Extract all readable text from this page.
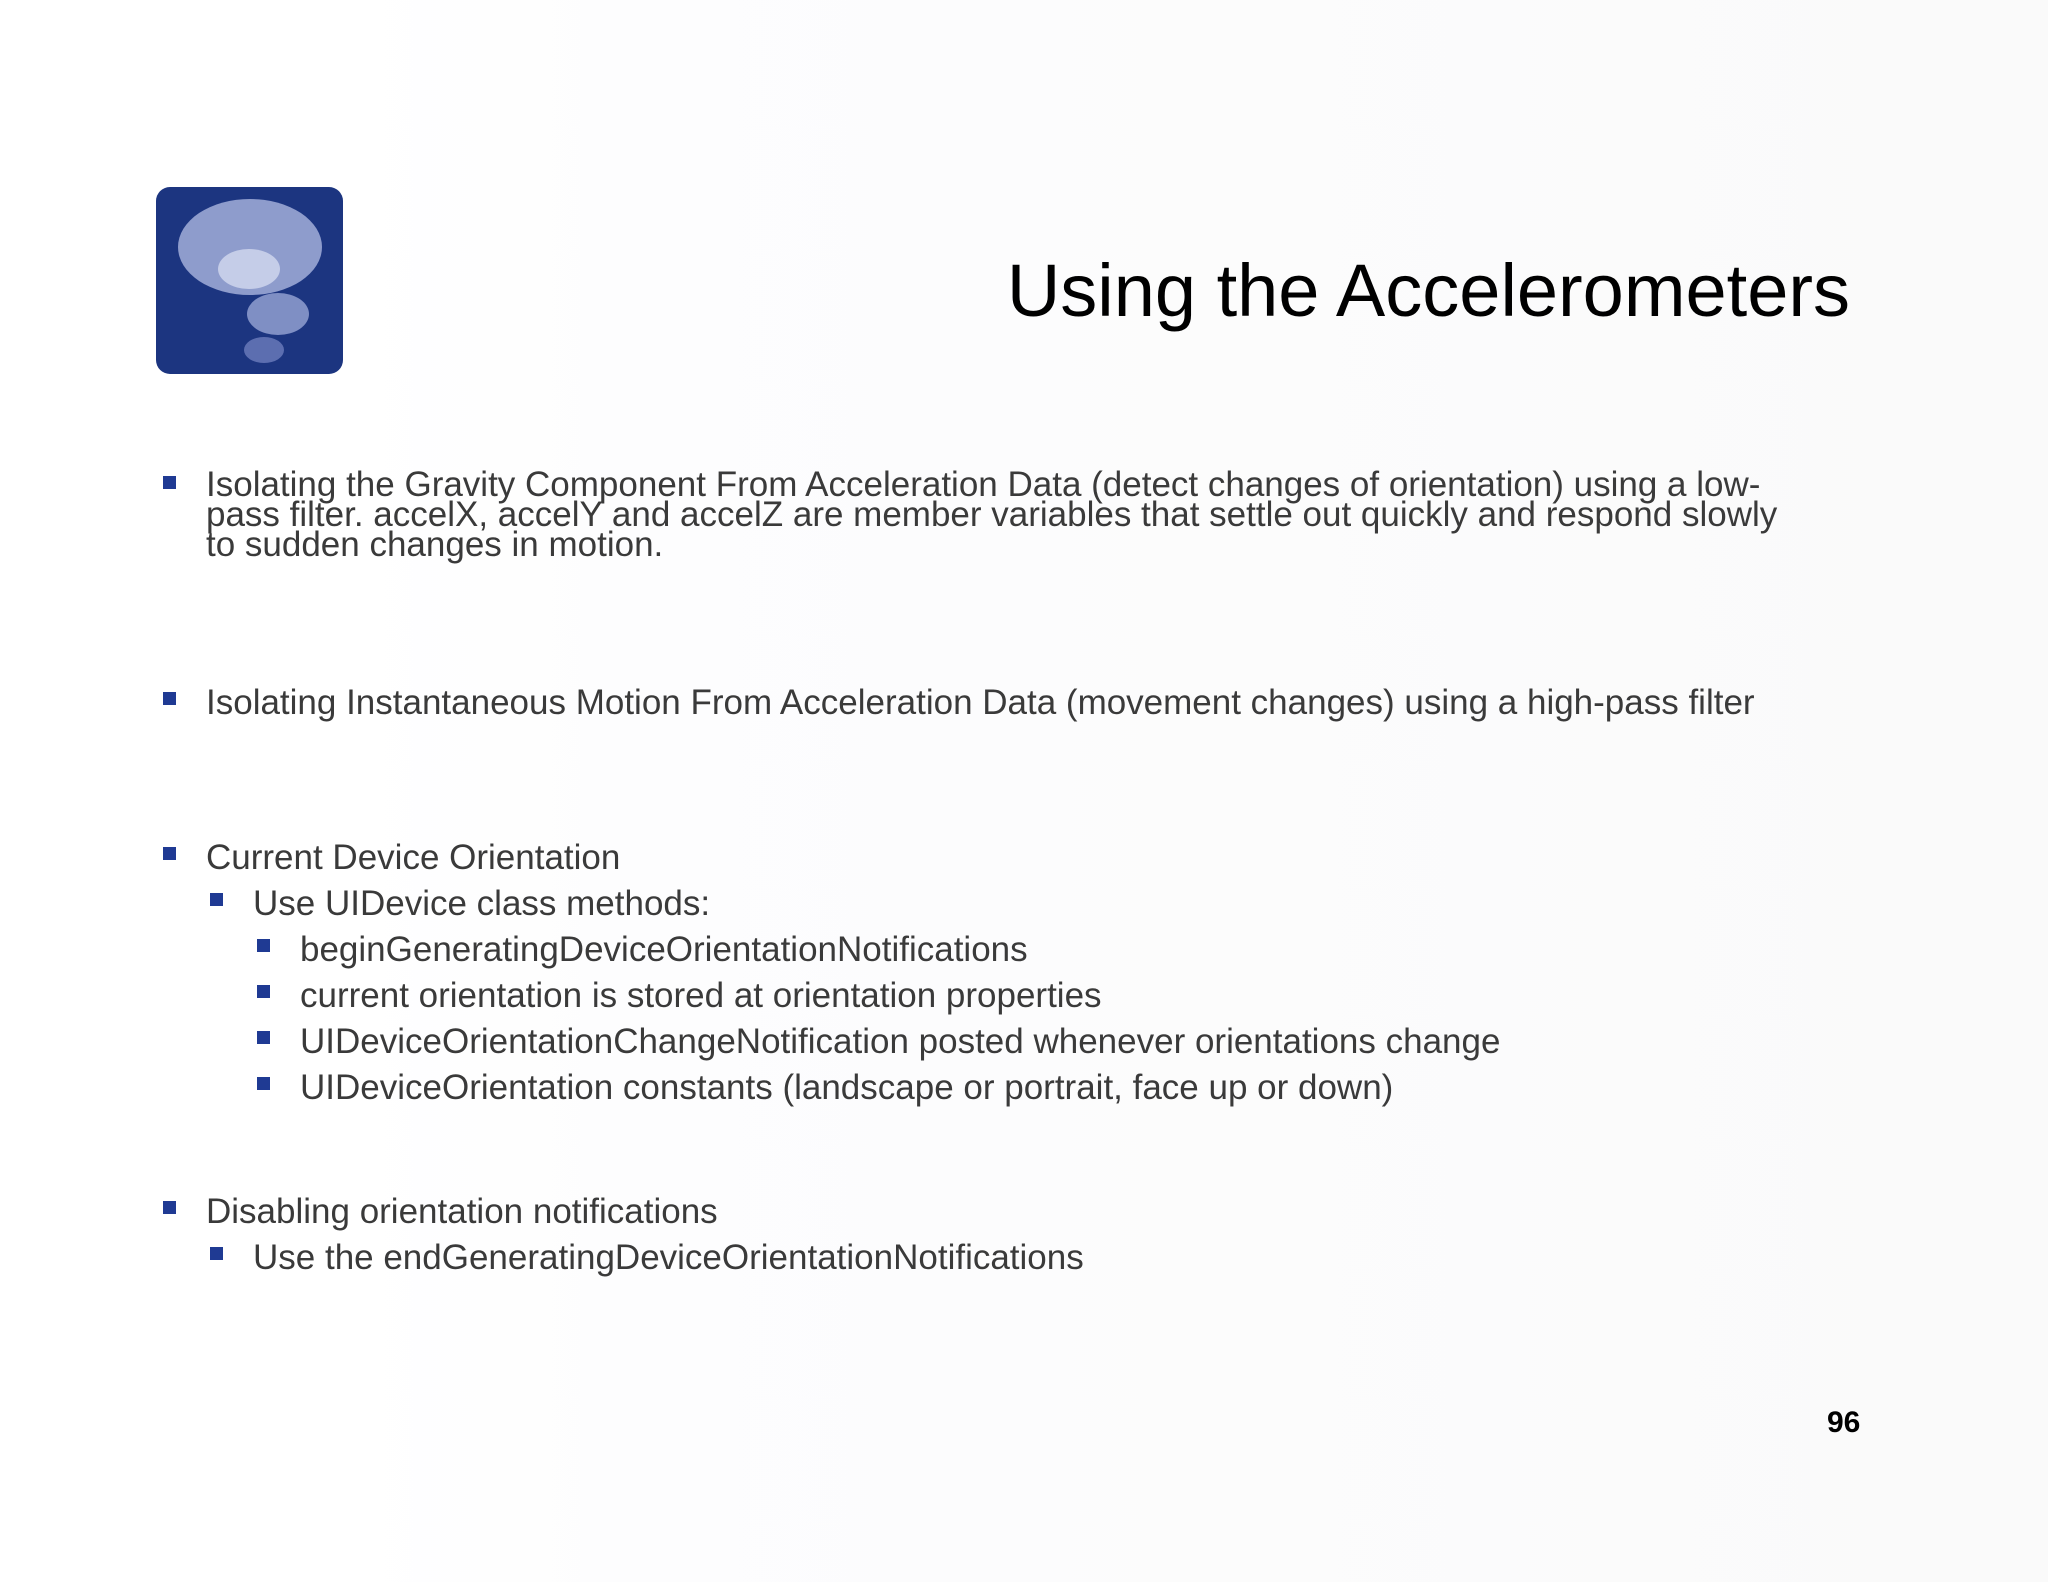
Using the Accelerometers
Isolating the Gravity Component From Acceleration Data (detect changes of orientation) using a low-
pass filter. accelX, accelY and accelZ are member variables that settle out quickly and respond slowly
to sudden changes in motion.
Isolating Instantaneous Motion From Acceleration Data (movement changes) using a high-pass filter
Current Device Orientation
Use UIDevice class methods:
beginGeneratingDeviceOrientationNotifications
current orientation is stored at orientation properties
UIDeviceOrientationChangeNotification posted whenever orientations change
UIDeviceOrientation constants (landscape or portrait, face up or down)
Disabling orientation notifications
Use the endGeneratingDeviceOrientationNotifications
96
